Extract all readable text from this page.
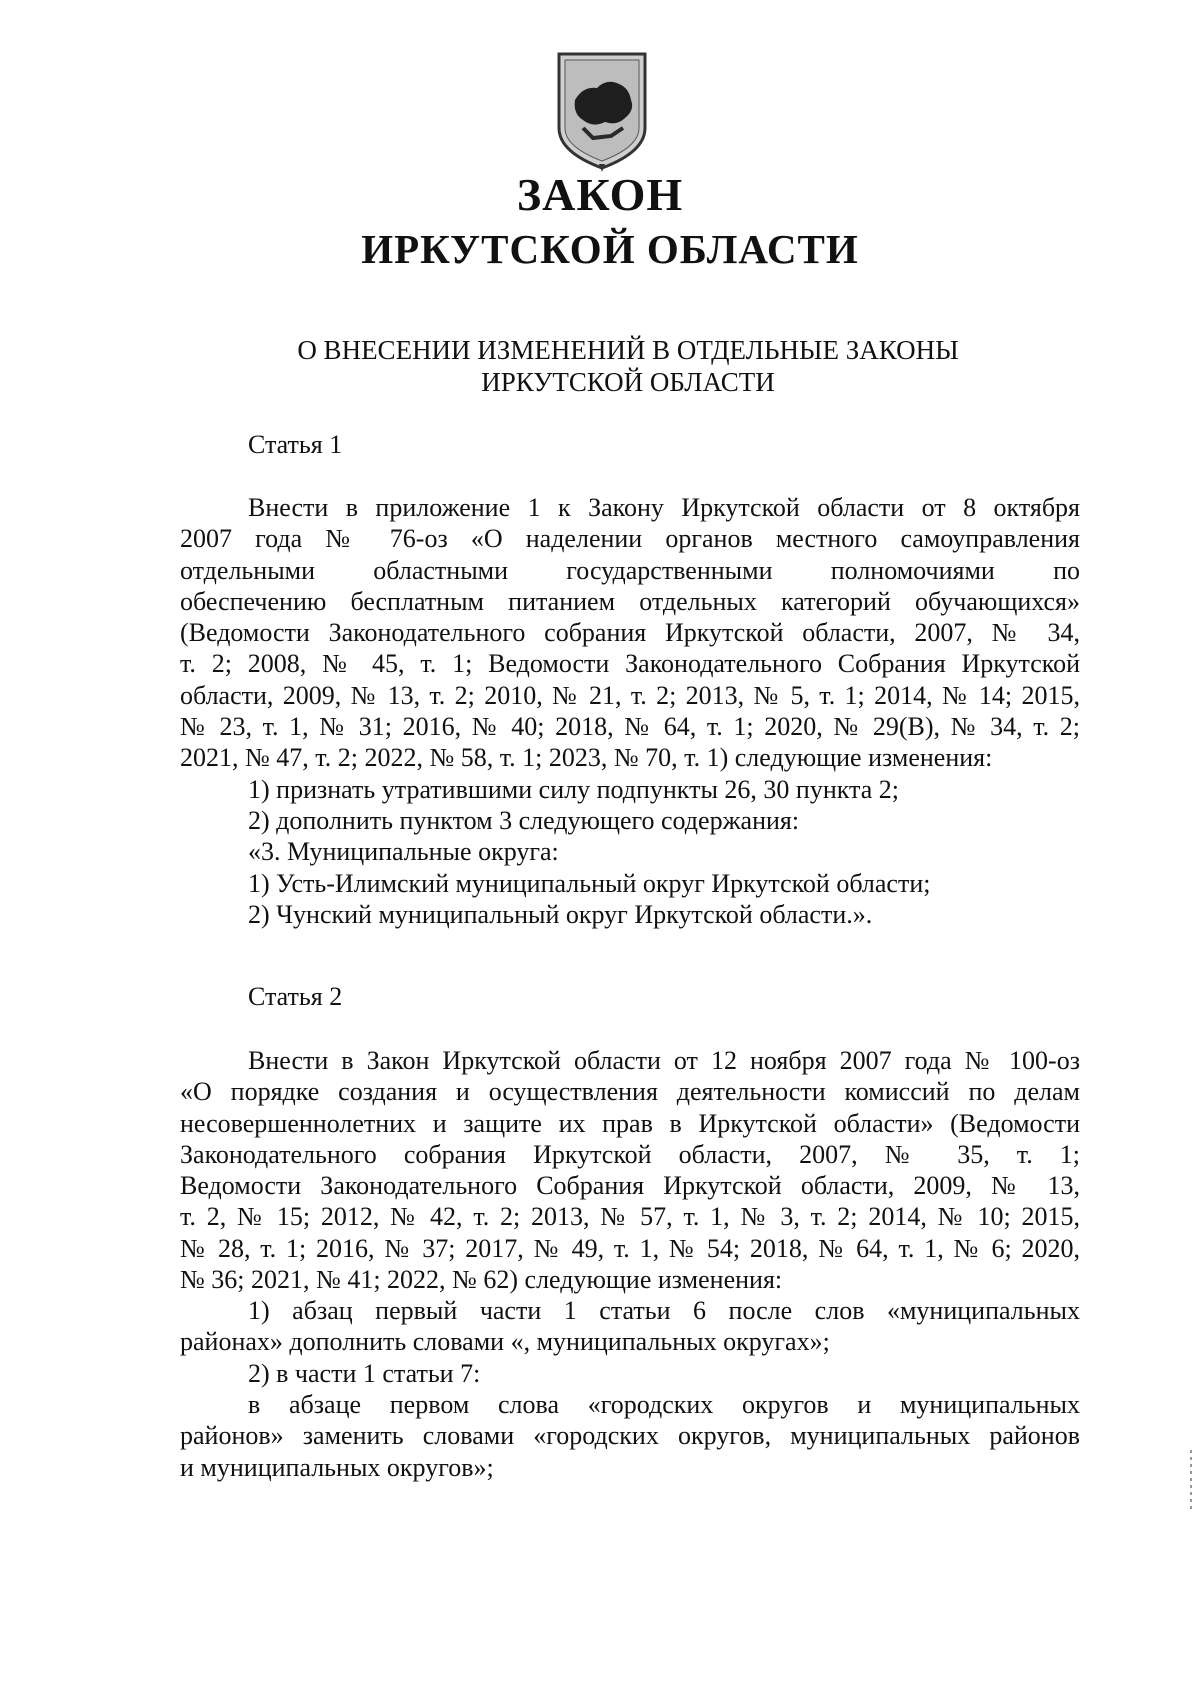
ЗАКОН
ИРКУТСКОЙ ОБЛАСТИ
О ВНЕСЕНИИ ИЗМЕНЕНИЙ В ОТДЕЛЬНЫЕ ЗАКОНЫ
ИРКУТСКОЙ ОБЛАСТИ
Статья 1
Внести в приложение 1 к Закону Иркутской области от 8 октября
2007 года № 76-оз «О наделении органов местного самоуправления
отдельными областными государственными полномочиями по
обеспечению бесплатным питанием отдельных категорий обучающихся»
(Ведомости Законодательного собрания Иркутской области, 2007, № 34,
т. 2; 2008, № 45, т. 1; Ведомости Законодательного Собрания Иркутской
области, 2009, № 13, т. 2; 2010, № 21, т. 2; 2013, № 5, т. 1; 2014, № 14; 2015,
№ 23, т. 1, № 31; 2016, № 40; 2018, № 64, т. 1; 2020, № 29(В), № 34, т. 2;
2021, № 47, т. 2; 2022, № 58, т. 1; 2023, № 70, т. 1) следующие изменения:
1) признать утратившими силу подпункты 26, 30 пункта 2;
2) дополнить пунктом 3 следующего содержания:
«3. Муниципальные округа:
1) Усть-Илимский муниципальный округ Иркутской области;
2) Чунский муниципальный округ Иркутской области.».
Статья 2
Внести в Закон Иркутской области от 12 ноября 2007 года № 100-оз
«О порядке создания и осуществления деятельности комиссий по делам
несовершеннолетних и защите их прав в Иркутской области» (Ведомости
Законодательного собрания Иркутской области, 2007, № 35, т. 1;
Ведомости Законодательного Собрания Иркутской области, 2009, № 13,
т. 2, № 15; 2012, № 42, т. 2; 2013, № 57, т. 1, № 3, т. 2; 2014, № 10; 2015,
№ 28, т. 1; 2016, № 37; 2017, № 49, т. 1, № 54; 2018, № 64, т. 1, № 6; 2020,
№ 36; 2021, № 41; 2022, № 62) следующие изменения:
1) абзац первый части 1 статьи 6 после слов «муниципальных
районах» дополнить словами «, муниципальных округах»;
2) в части 1 статьи 7:
в абзаце первом слова «городских округов и муниципальных
районов» заменить словами «городских округов, муниципальных районов
и муниципальных округов»;
